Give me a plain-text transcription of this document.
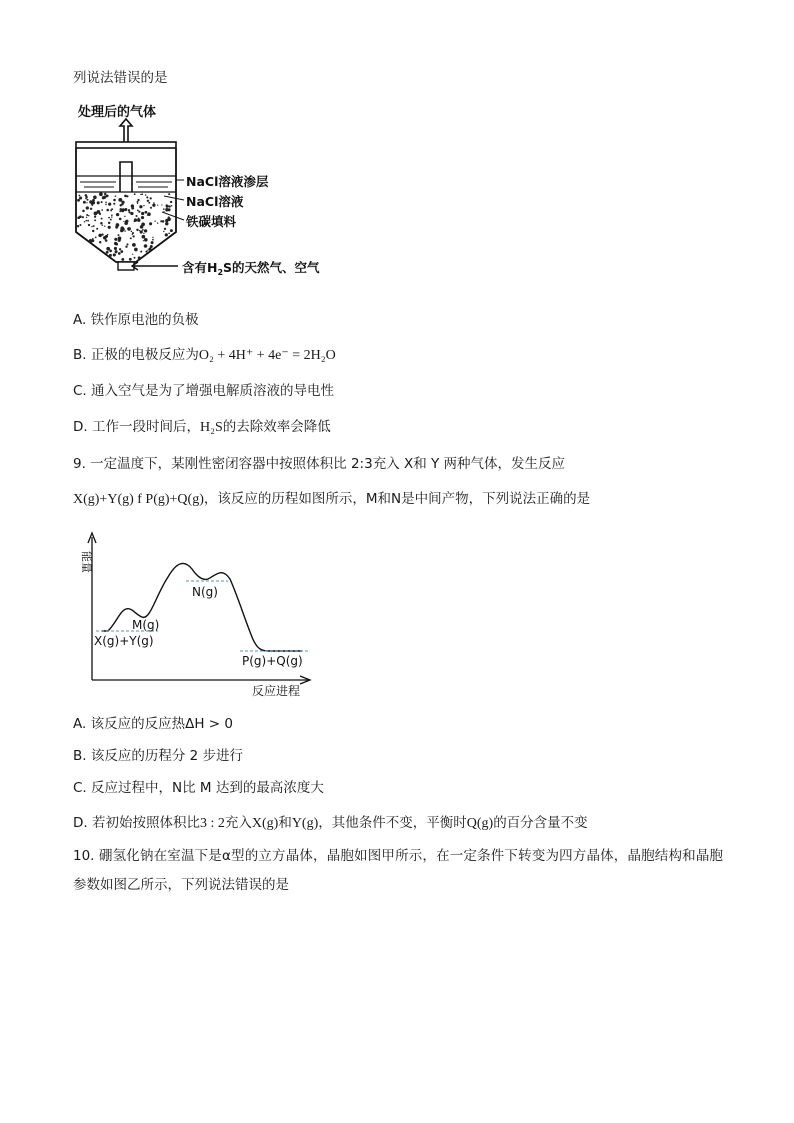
列说法错误的是
处理后的气体
NaCl溶液渗层
NaCl溶液
铁碳填料
含有$H_2S$的天然气、空气
A. 铁作原电池的负极
B. 正极的电极反应为O₂ + 4H⁺ + 4e⁻ = 2H₂O
C. 通入空气是为了增强电解质溶液的导电性
D. 工作一段时间后，H₂S的去除效率会降低
9. 一定温度下，某刚性密闭容器中按照体积比 2:3充入 X和 Y 两种气体，发生反应
X(g)+Y(g) f P(g)+Q(g)，该反应的历程如图所示，M和N是中间产物，下列说法正确的是
能量
X(g)+Y(g)
M(g)
N(g)
P(g)+Q(g)
反应进程
A. 该反应的反应热ΔH > 0
B. 该反应的历程分 2 步进行
C. 反应过程中，N比 M 达到的最高浓度大
D. 若初始按照体积比3 : 2充入X(g)和Y(g)，其他条件不变，平衡时Q(g)的百分含量不变
10. 硼氢化钠在室温下是α型的立方晶体，晶胞如图甲所示，在一定条件下转变为四方晶体，晶胞结构和晶胞参数如图乙所示，下列说法错误的是
